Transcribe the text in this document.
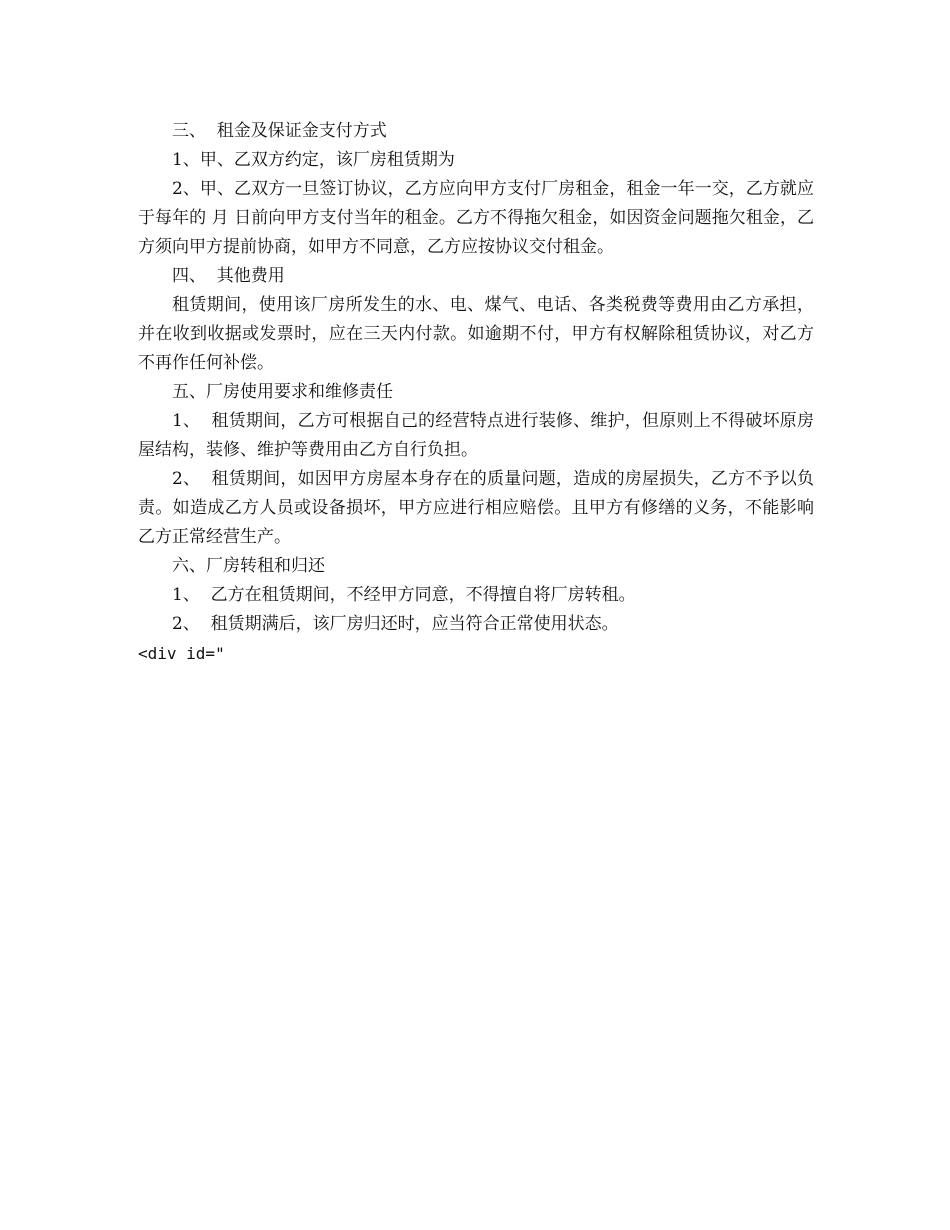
三、  租金及保证金支付方式

1、甲、乙双方约定，该厂房租赁期为

2、甲、乙双方一旦签订协议，乙方应向甲方支付厂房租金，租金一年一交，乙方就应于每年的 月 日前向甲方支付当年的租金。乙方不得拖欠租金，如因资金问题拖欠租金，乙方须向甲方提前协商，如甲方不同意，乙方应按协议交付租金。

四、  其他费用

租赁期间，使用该厂房所发生的水、电、煤气、电话、各类税费等费用由乙方承担，并在收到收据或发票时，应在三天内付款。如逾期不付，甲方有权解除租赁协议，对乙方不再作任何补偿。

五、厂房使用要求和维修责任

1、  租赁期间，乙方可根据自己的经营特点进行装修、维护，但原则上不得破坏原房屋结构，装修、维护等费用由乙方自行负担。

2、  租赁期间，如因甲方房屋本身存在的质量问题，造成的房屋损失，乙方不予以负责。如造成乙方人员或设备损坏，甲方应进行相应赔偿。且甲方有修缮的义务，不能影响乙方正常经营生产。

六、厂房转租和归还

1、  乙方在租赁期间，不经甲方同意，不得擅自将厂房转租。

2、  租赁期满后，该厂房归还时，应当符合正常使用状态。

<div id="
